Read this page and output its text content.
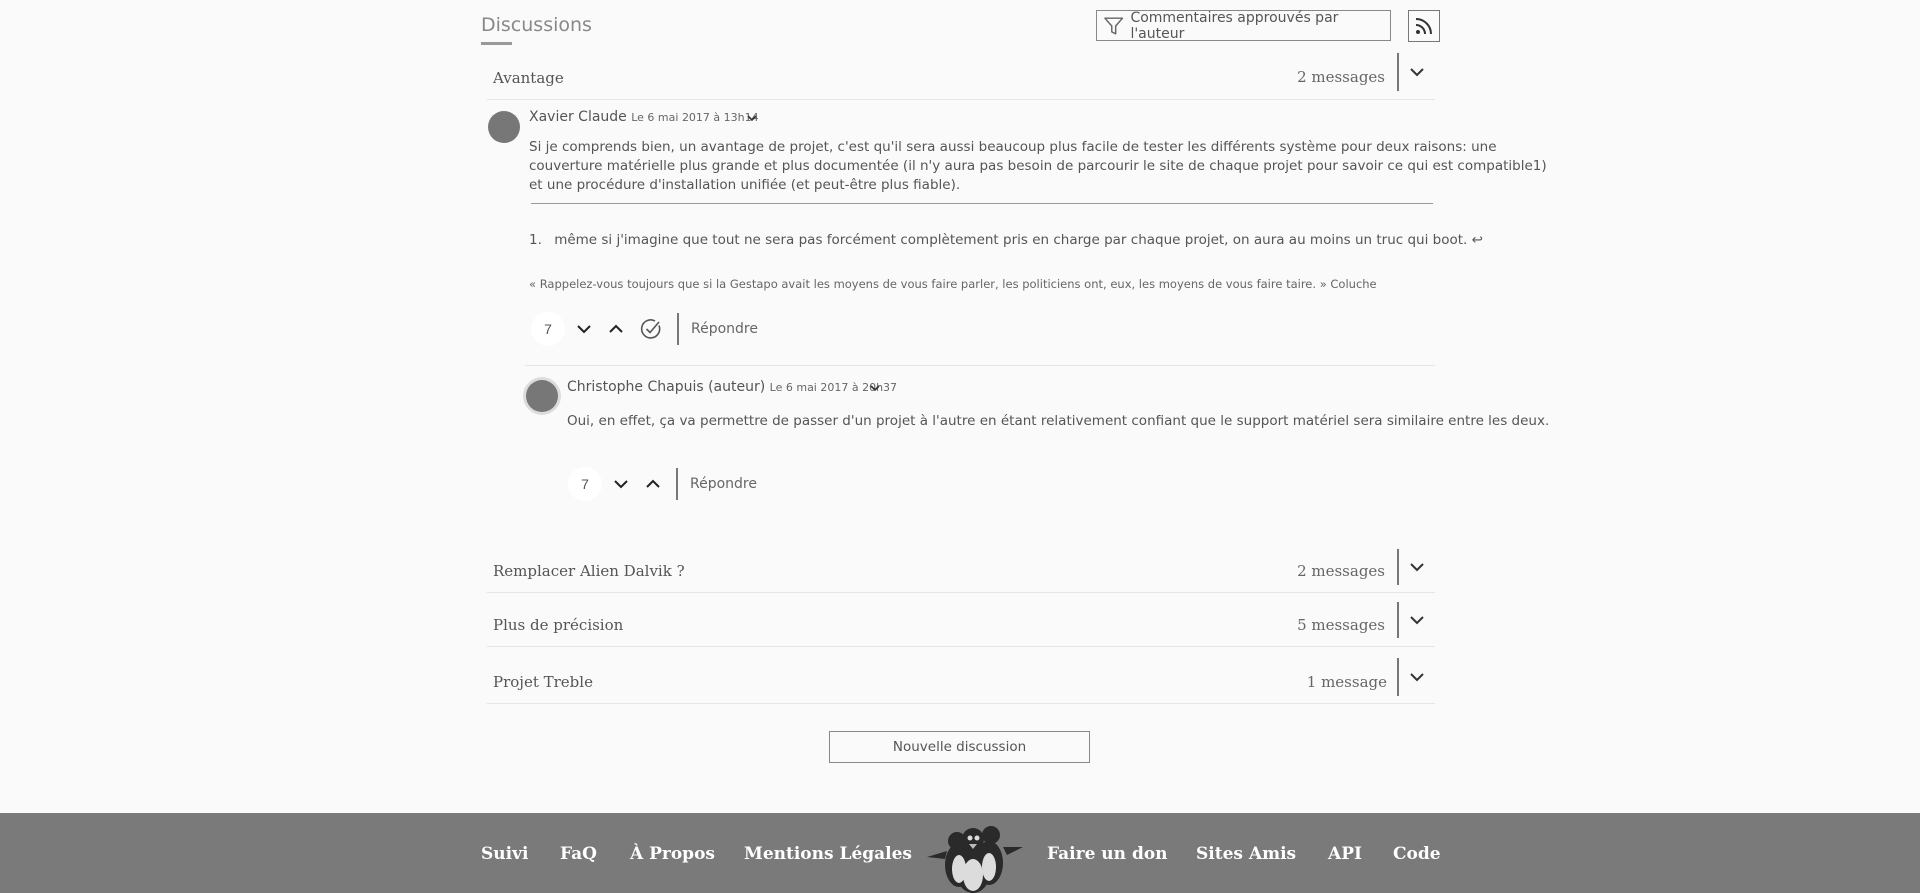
Discussions	Commentaires approuvés par l'auteur
Avantage	2 messages
Xavier Claude Le 6 mai 2017 à 13h14
Si je comprends bien, un avantage de projet, c'est qu'il sera aussi beaucoup plus facile de tester les différents système pour deux raisons: une
couverture matérielle plus grande et plus documentée (il n'y aura pas besoin de parcourir le site de chaque projet pour savoir ce qui est compatible1)
et une procédure d'installation unifiée (et peut-être plus fiable).
1. même si j'imagine que tout ne sera pas forcément complètement pris en charge par chaque projet, on aura au moins un truc qui boot. ↩
« Rappelez-vous toujours que si la Gestapo avait les moyens de vous faire parler, les politiciens ont, eux, les moyens de vous faire taire. » Coluche
7	Répondre
Christophe Chapuis (auteur) Le 6 mai 2017 à 20h37
Oui, en effet, ça va permettre de passer d'un projet à l'autre en étant relativement confiant que le support matériel sera similaire entre les deux.
7	Répondre
Remplacer Alien Dalvik ?	2 messages
Plus de précision	5 messages
Projet Treble	1 message
Nouvelle discussion
Suivi FaQ À Propos Mentions Légales	Faire un don Sites Amis API Code
